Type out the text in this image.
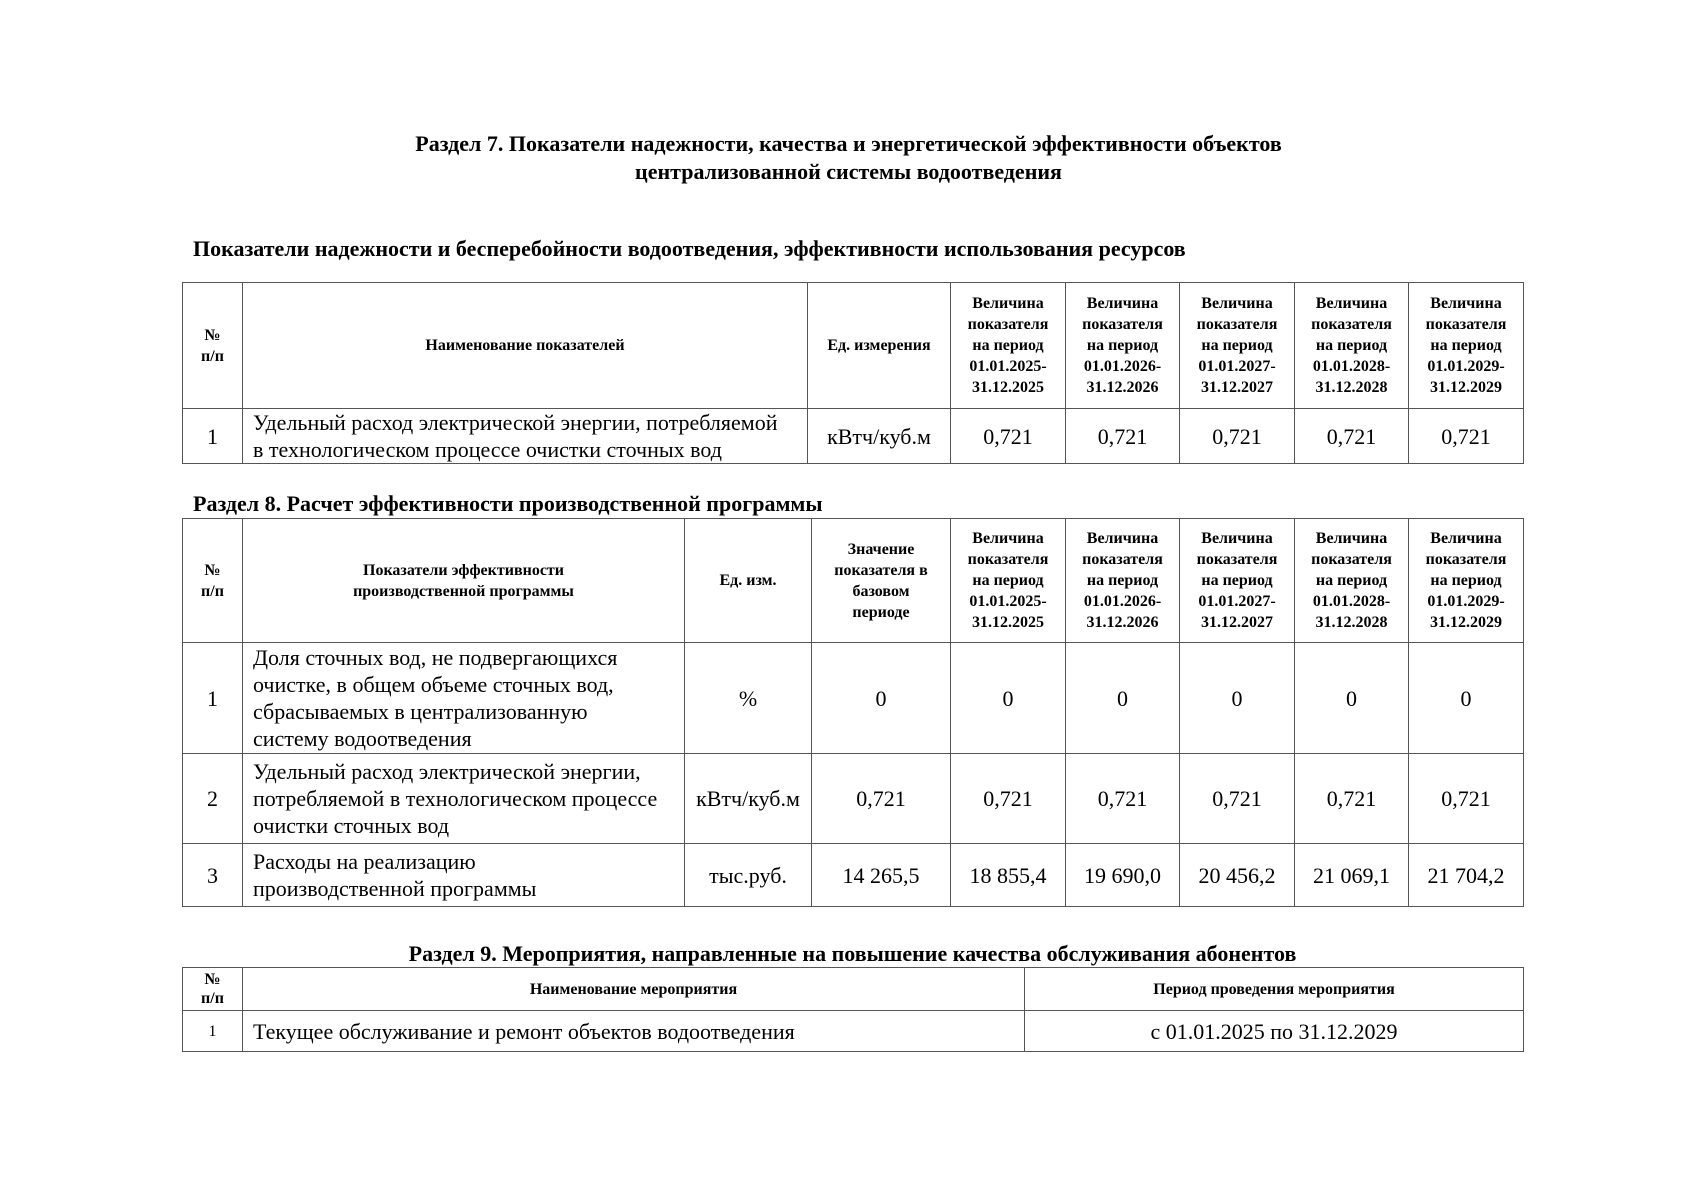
Раздел 7. Показатели надежности, качества и энергетической эффективности объектов
централизованной системы водоотведения
Показатели надежности и бесперебойности водоотведения, эффективности использования ресурсов
№
п/п	Наименование показателей	Ед. измерения	Величина
показателя
на период
01.01.2025-
31.12.2025	Величина
показателя
на период
01.01.2026-
31.12.2026	Величина
показателя
на период
01.01.2027-
31.12.2027	Величина
показателя
на период
01.01.2028-
31.12.2028	Величина
показателя
на период
01.01.2029-
31.12.2029
1	Удельный расход электрической энергии, потребляемой
в технологическом процессе очистки сточных вод	кВтч/куб.м	0,721	0,721	0,721	0,721	0,721
Раздел 8. Расчет эффективности производственной программы
№
п/п	Показатели эффективности
производственной программы	Ед. изм.	Значение
показателя в
базовом
периоде	Величина
показателя
на период
01.01.2025-
31.12.2025	Величина
показателя
на период
01.01.2026-
31.12.2026	Величина
показателя
на период
01.01.2027-
31.12.2027	Величина
показателя
на период
01.01.2028-
31.12.2028	Величина
показателя
на период
01.01.2029-
31.12.2029
1	Доля сточных вод, не подвергающихся
очистке, в общем объеме сточных вод,
сбрасываемых в централизованную
систему водоотведения	%	0	0	0	0	0	0
2	Удельный расход электрической энергии,
потребляемой в технологическом процессе
очистки сточных вод	кВтч/куб.м	0,721	0,721	0,721	0,721	0,721	0,721
3	Расходы на реализацию
производственной программы	тыс.руб.	14 265,5	18 855,4	19 690,0	20 456,2	21 069,1	21 704,2
Раздел 9. Мероприятия, направленные на повышение качества обслуживания абонентов
№
п/п	Наименование мероприятия	Период проведения мероприятия
1	Текущее обслуживание и ремонт объектов водоотведения	с 01.01.2025 по 31.12.2029
